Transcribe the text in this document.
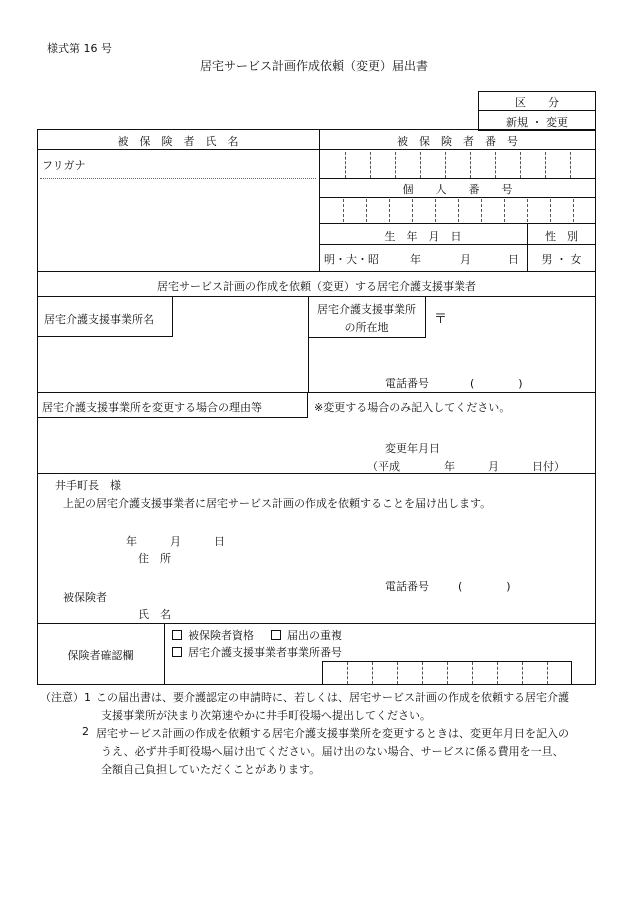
様式第 16 号
居宅サービス計画作成依頼（変更）届出書
区　　分
新規 ・ 変更
被　保　険　者　氏　名	被　保　険　者　番　号
フリガナ
個　　人　　番　　号
生　年　月　日	性　別
明・大・昭	年	月	日	男 ・ 女
居宅サービス計画の作成を依頼（変更）する居宅介護支援事業者
居宅介護支援事業所名
居宅介護支援事業所
の所在地
〒
電話番号	(　　　　)
居宅介護支援事業所を変更する場合の理由等	※変更する場合のみ記入してください。
変更年月日
（平成　　　　年　　　月　　　日付）
井手町長　様
上記の居宅介護支援事業者に居宅サービス計画の作成を依頼することを届け出します。
年　　　月　　　日
住　所
電話番号	(　　　　)
被保険者
氏　名
保険者確認欄
被保険者資格	届出の重複
居宅介護支援事業者事業所番号
（注意）1 この届出書は、要介護認定の申請時に、若しくは、居宅サービス計画の作成を依頼する居宅介護
支援事業所が決まり次第速やかに井手町役場へ提出してください。
2 居宅サービス計画の作成を依頼する居宅介護支援事業所を変更するときは、変更年月日を記入の
うえ、必ず井手町役場へ届け出てください。届け出のない場合、サービスに係る費用を一旦、
全額自己負担していただくことがあります。
